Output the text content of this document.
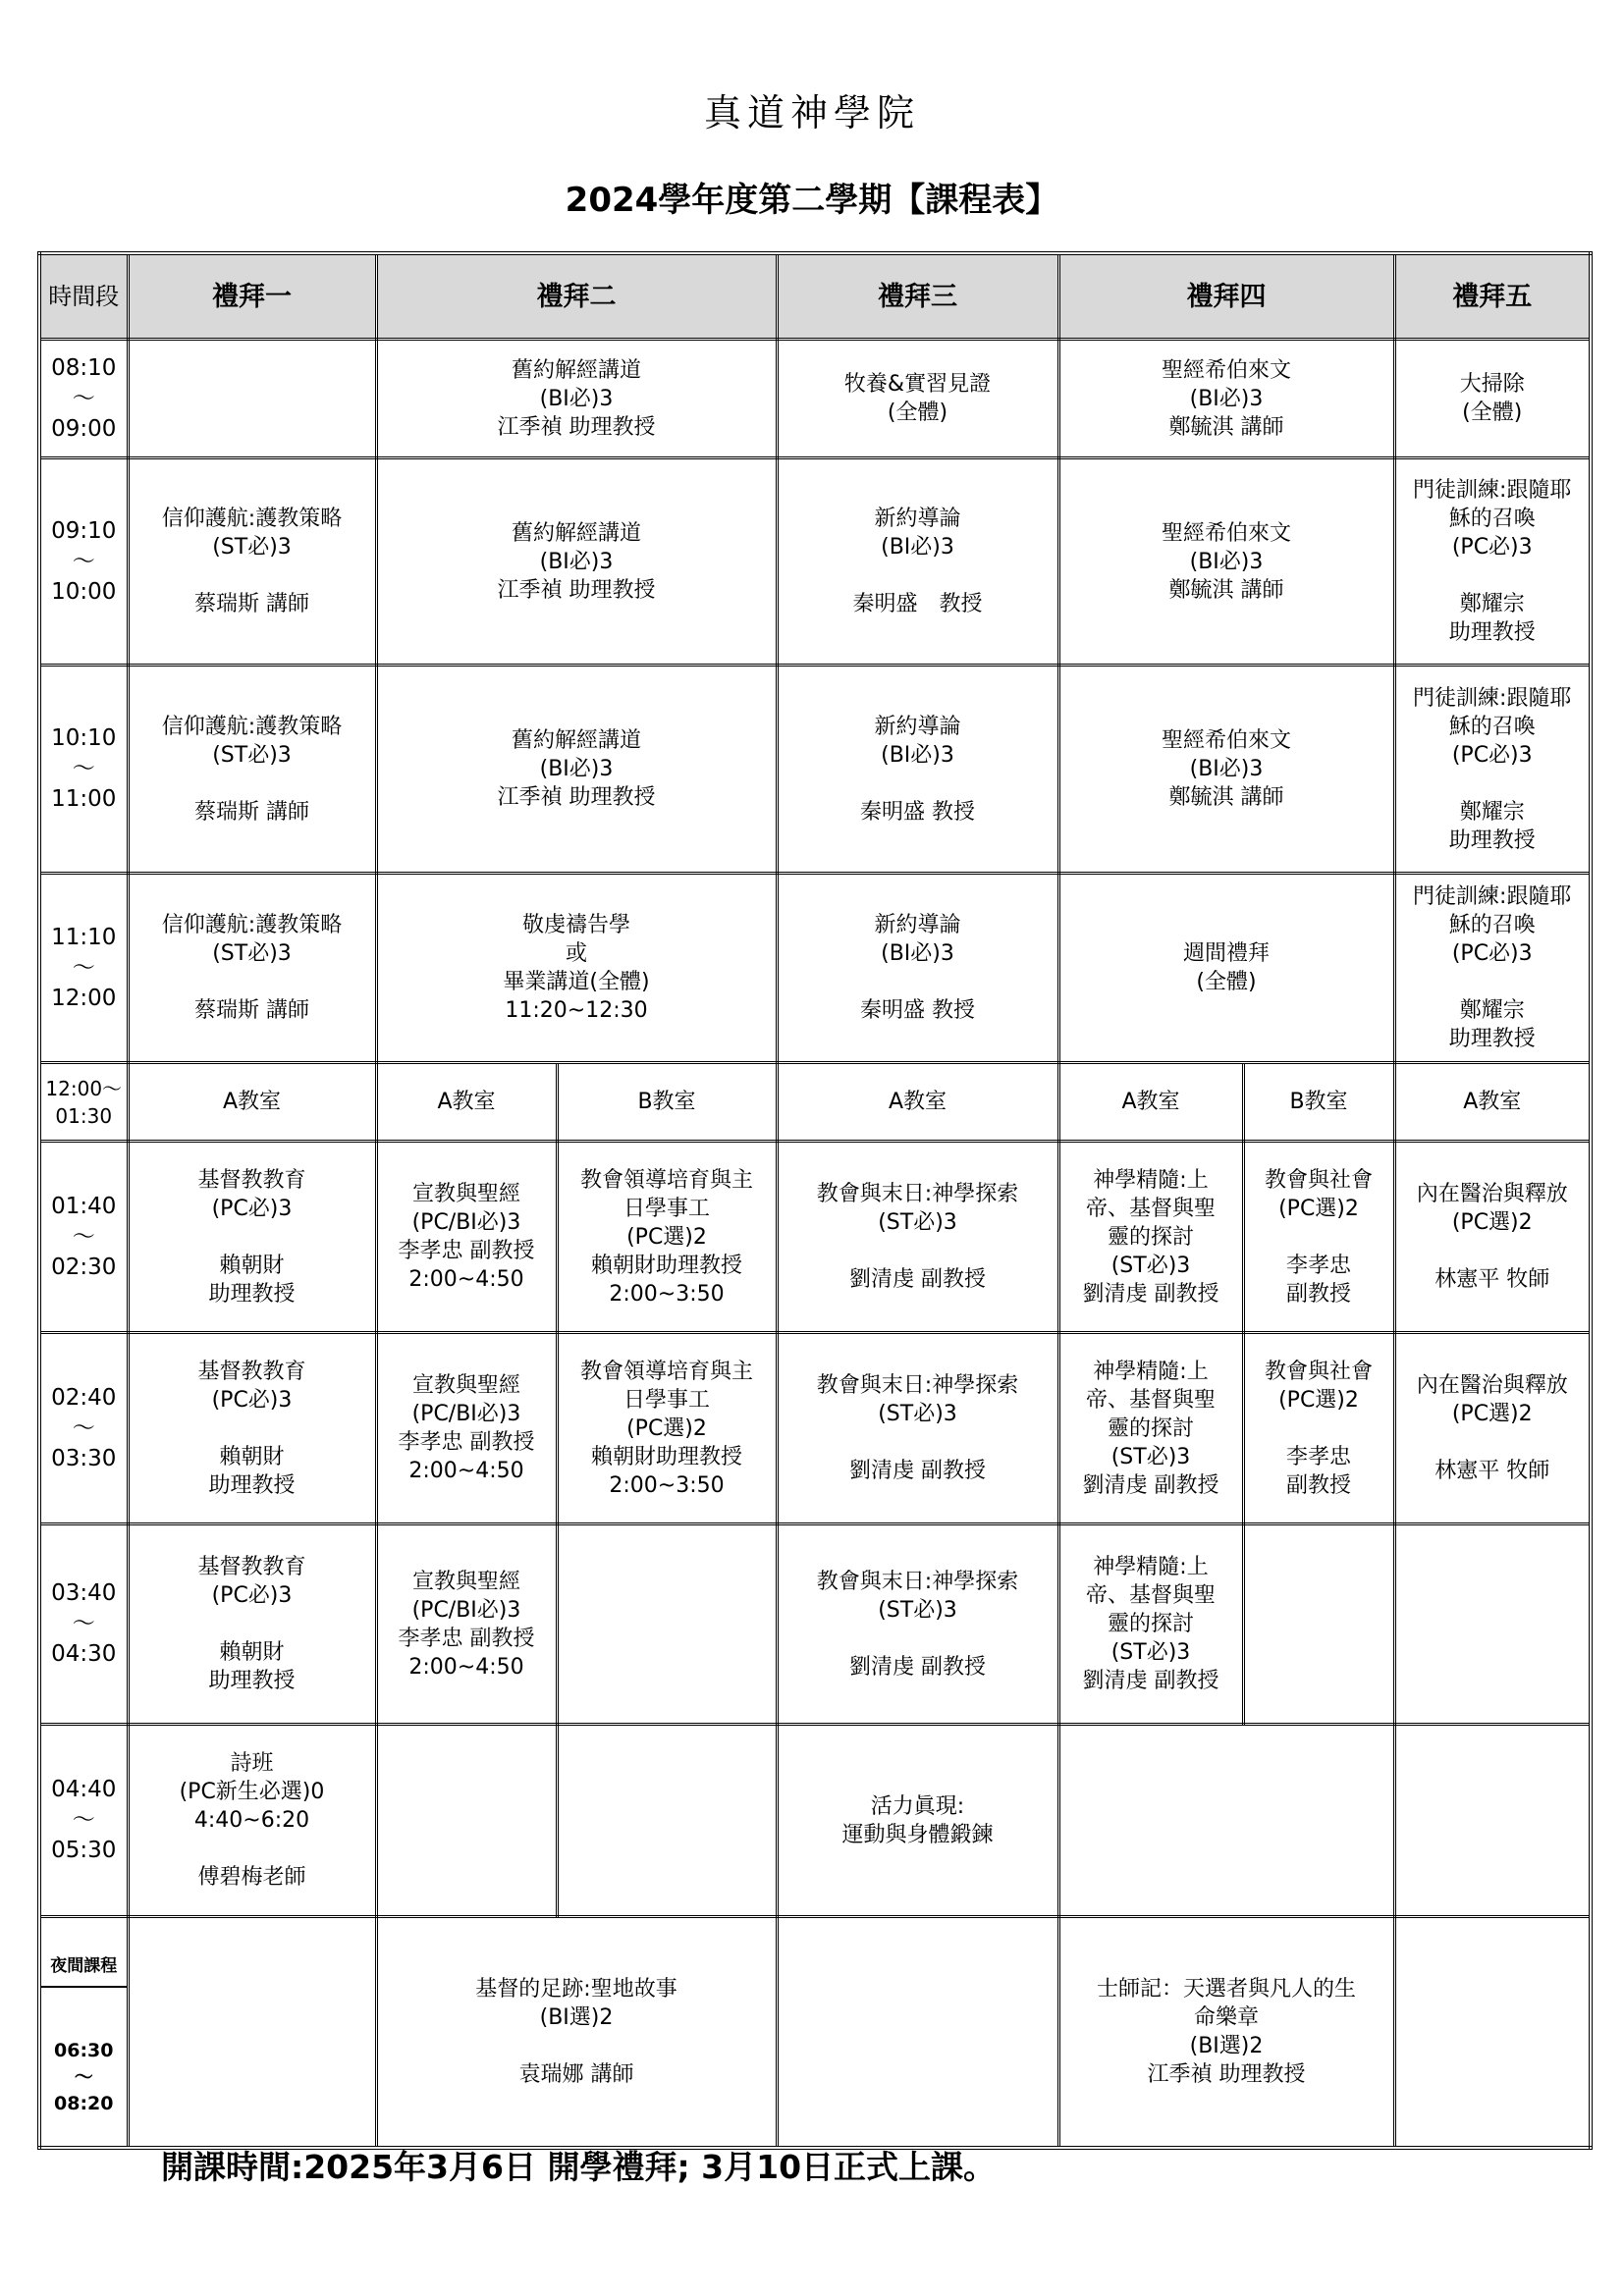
真道神學院
2024學年度第二學期【課程表】
時間段	禮拜一	禮拜二		禮拜三	禮拜四		禮拜五
08:10
～
09:00		舊約解經講道
(BI必)3
江季禎 助理教授		牧養&實習見證
(全體)	聖經希伯來文
(BI必)3
鄭毓淇 講師		大掃除
(全體)
09:10
～
10:00	信仰護航:護教策略
(ST必)3

蔡瑞斯 講師	舊約解經講道
(BI必)3
江季禎 助理教授		新約導論
(BI必)3

秦明盛　教授	聖經希伯來文
(BI必)3
鄭毓淇 講師		門徒訓練:跟隨耶
穌的召喚
(PC必)3

鄭耀宗
助理教授
10:10
～
11:00	信仰護航:護教策略
(ST必)3

蔡瑞斯 講師	舊約解經講道
(BI必)3
江季禎 助理教授		新約導論
(BI必)3

秦明盛 教授	聖經希伯來文
(BI必)3
鄭毓淇 講師		門徒訓練:跟隨耶
穌的召喚
(PC必)3

鄭耀宗
助理教授
11:10
～
12:00	信仰護航:護教策略
(ST必)3

蔡瑞斯 講師	敬虔禱告學
或
畢業講道(全體)
11:20~12:30		新約導論
(BI必)3

秦明盛 教授	週間禮拜
(全體)		門徒訓練:跟隨耶
穌的召喚
(PC必)3

鄭耀宗
助理教授
12:00～
01:30	A教室	A教室	B教室	A教室	A教室	B教室	A教室
01:40
～
02:30	基督教教育
(PC必)3

賴朝財
助理教授	宣教與聖經
(PC/BI必)3
李孝忠 副教授
2:00~4:50	教會領導培育與主
日學事工
(PC選)2
賴朝財助理教授
2:00~3:50	教會與末日:神學探索
(ST必)3

劉清虔 副教授	神學精隨:上
帝、基督與聖
靈的探討
(ST必)3
劉清虔 副教授	教會與社會
(PC選)2

李孝忠
副教授	內在醫治與釋放
(PC選)2

林憲平 牧師
02:40
～
03:30	基督教教育
(PC必)3

賴朝財
助理教授	宣教與聖經
(PC/BI必)3
李孝忠 副教授
2:00~4:50	教會領導培育與主
日學事工
(PC選)2
賴朝財助理教授
2:00~3:50	教會與末日:神學探索
(ST必)3

劉清虔 副教授	神學精隨:上
帝、基督與聖
靈的探討
(ST必)3
劉清虔 副教授	教會與社會
(PC選)2

李孝忠
副教授	內在醫治與釋放
(PC選)2

林憲平 牧師
03:40
～
04:30	基督教教育
(PC必)3

賴朝財
助理教授	宣教與聖經
(PC/BI必)3
李孝忠 副教授
2:00~4:50		教會與末日:神學探索
(ST必)3

劉清虔 副教授	神學精隨:上
帝、基督與聖
靈的探討
(ST必)3
劉清虔 副教授		
04:40
～
05:30	詩班
(PC新生必選)0
4:40~6:20

傅碧梅老師			活力眞現:
運動與身體鍛鍊			

夜間課程

06:30
～
08:20		基督的足跡:聖地故事
(BI選)2

袁瑞娜 講師			士師記：天選者與凡人的生
命樂章
(BI選)2
江季禎 助理教授		
開課時間:2025年3月6日 開學禮拜; 3月10日正式上課。
